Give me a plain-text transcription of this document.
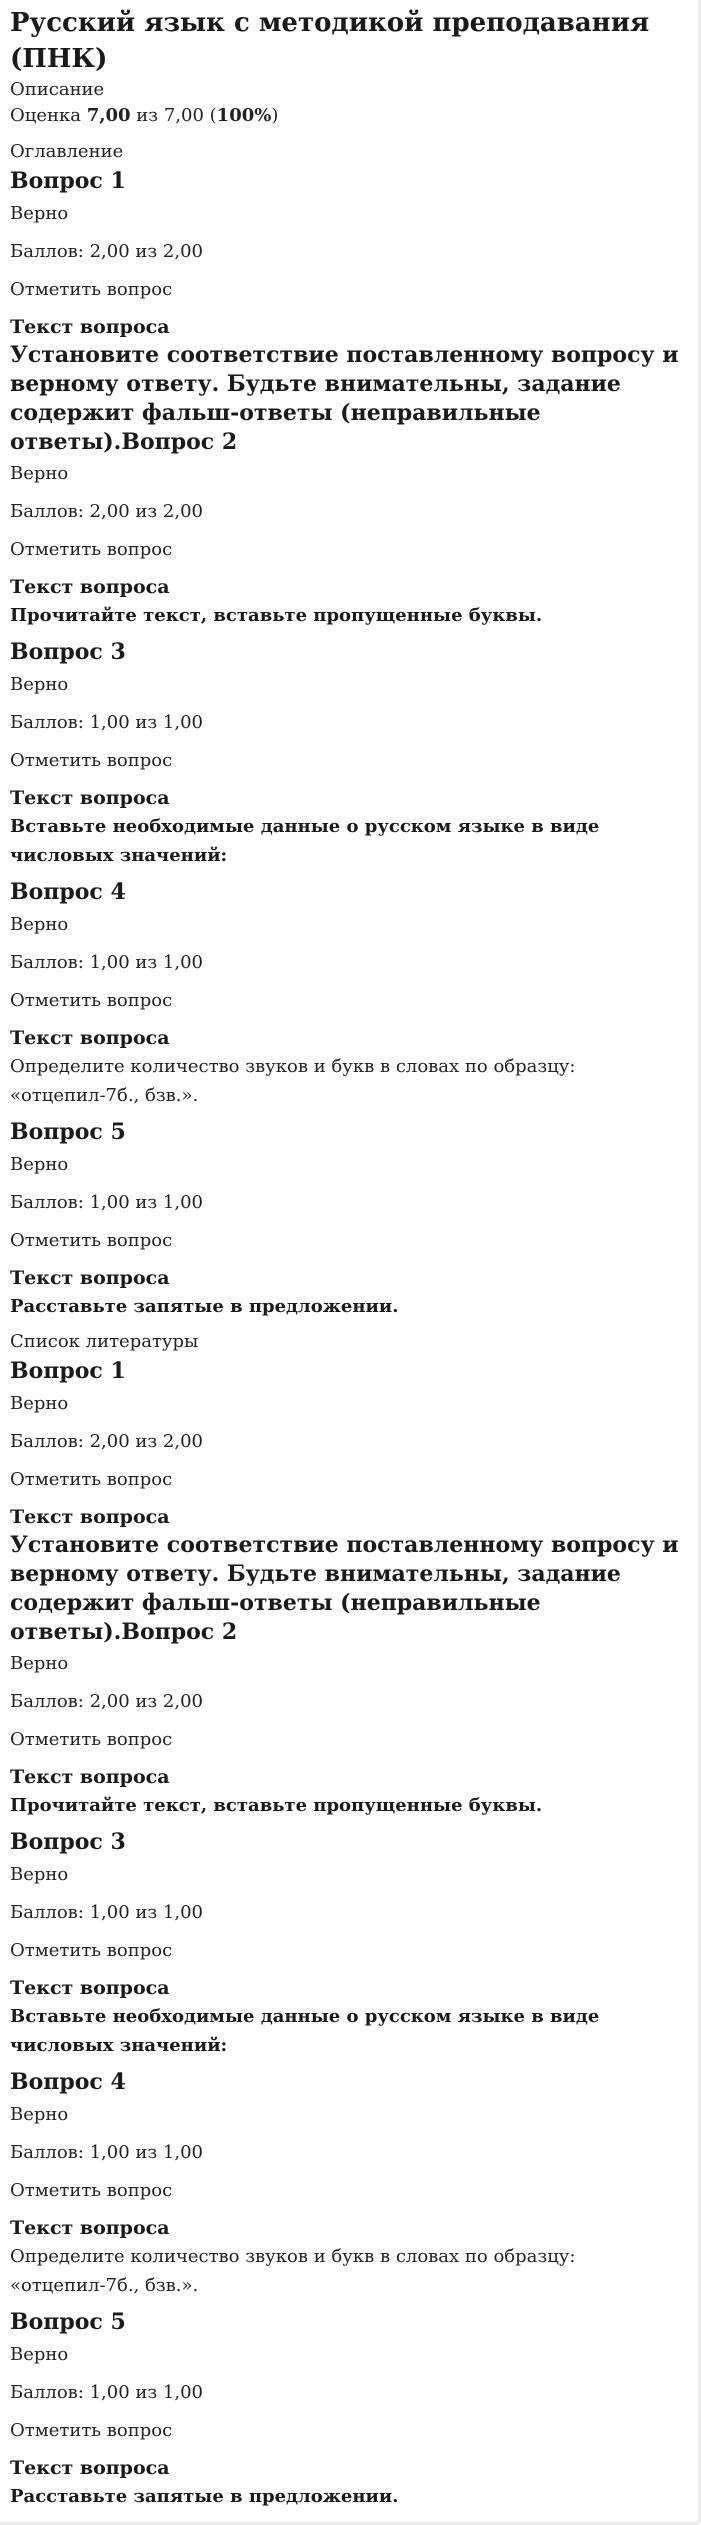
Русский язык с методикой преподавания (ПНК)
Описание
Оценка 7,00 из 7,00 (100%)
Оглавление
Вопрос 1
Верно
Баллов: 2,00 из 2,00
Отметить вопрос
Текст вопроса
Установите соответствие поставленному вопросу и верному ответу. Будьте внимательны, задание содержит фальш-ответы (неправильные ответы).Вопрос 2
Верно
Баллов: 2,00 из 2,00
Отметить вопрос
Текст вопроса
Прочитайте текст, вставьте пропущенные буквы.
Вопрос 3
Верно
Баллов: 1,00 из 1,00
Отметить вопрос
Текст вопроса
Вставьте необходимые данные о русском языке в виде числовых значений:
Вопрос 4
Верно
Баллов: 1,00 из 1,00
Отметить вопрос
Текст вопроса
Определите количество звуков и букв в словах по образцу: «отцепил-7б., бзв.».
Вопрос 5
Верно
Баллов: 1,00 из 1,00
Отметить вопрос
Текст вопроса
Расставьте запятые в предложении.
Список литературы
Вопрос 1
Верно
Баллов: 2,00 из 2,00
Отметить вопрос
Текст вопроса
Установите соответствие поставленному вопросу и верному ответу. Будьте внимательны, задание содержит фальш-ответы (неправильные ответы).Вопрос 2
Верно
Баллов: 2,00 из 2,00
Отметить вопрос
Текст вопроса
Прочитайте текст, вставьте пропущенные буквы.
Вопрос 3
Верно
Баллов: 1,00 из 1,00
Отметить вопрос
Текст вопроса
Вставьте необходимые данные о русском языке в виде числовых значений:
Вопрос 4
Верно
Баллов: 1,00 из 1,00
Отметить вопрос
Текст вопроса
Определите количество звуков и букв в словах по образцу: «отцепил-7б., бзв.».
Вопрос 5
Верно
Баллов: 1,00 из 1,00
Отметить вопрос
Текст вопроса
Расставьте запятые в предложении.
